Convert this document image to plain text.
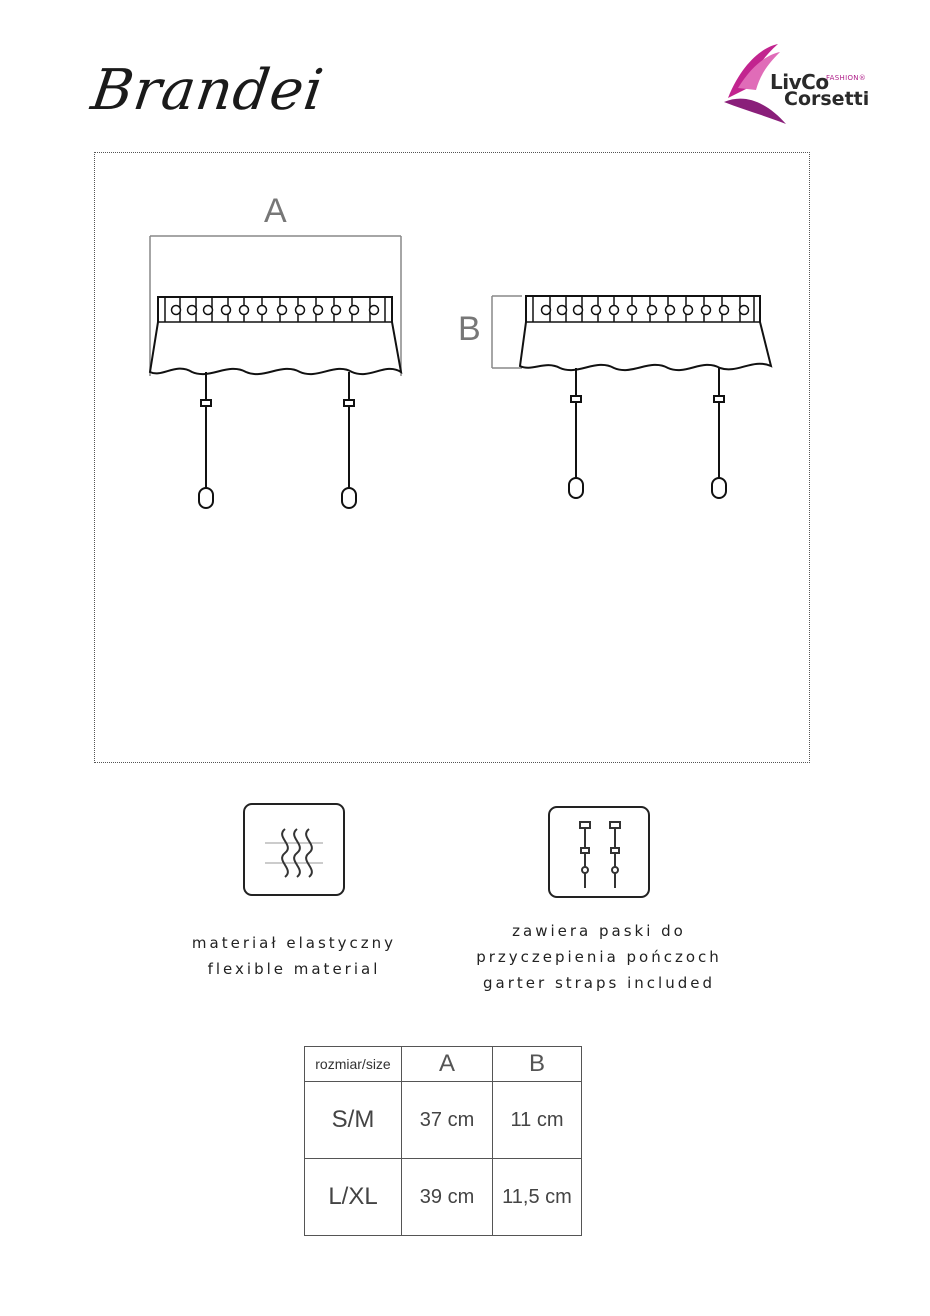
Brandei	LivCo
FASHION®
Corsetti
A
B
materiał elastyczny
flexible material
zawiera paski do
przyczepienia pończoch
garter straps included
rozmiar/size	A	B
S/M	37 cm	11 cm
L/XL	39 cm	11,5 cm
